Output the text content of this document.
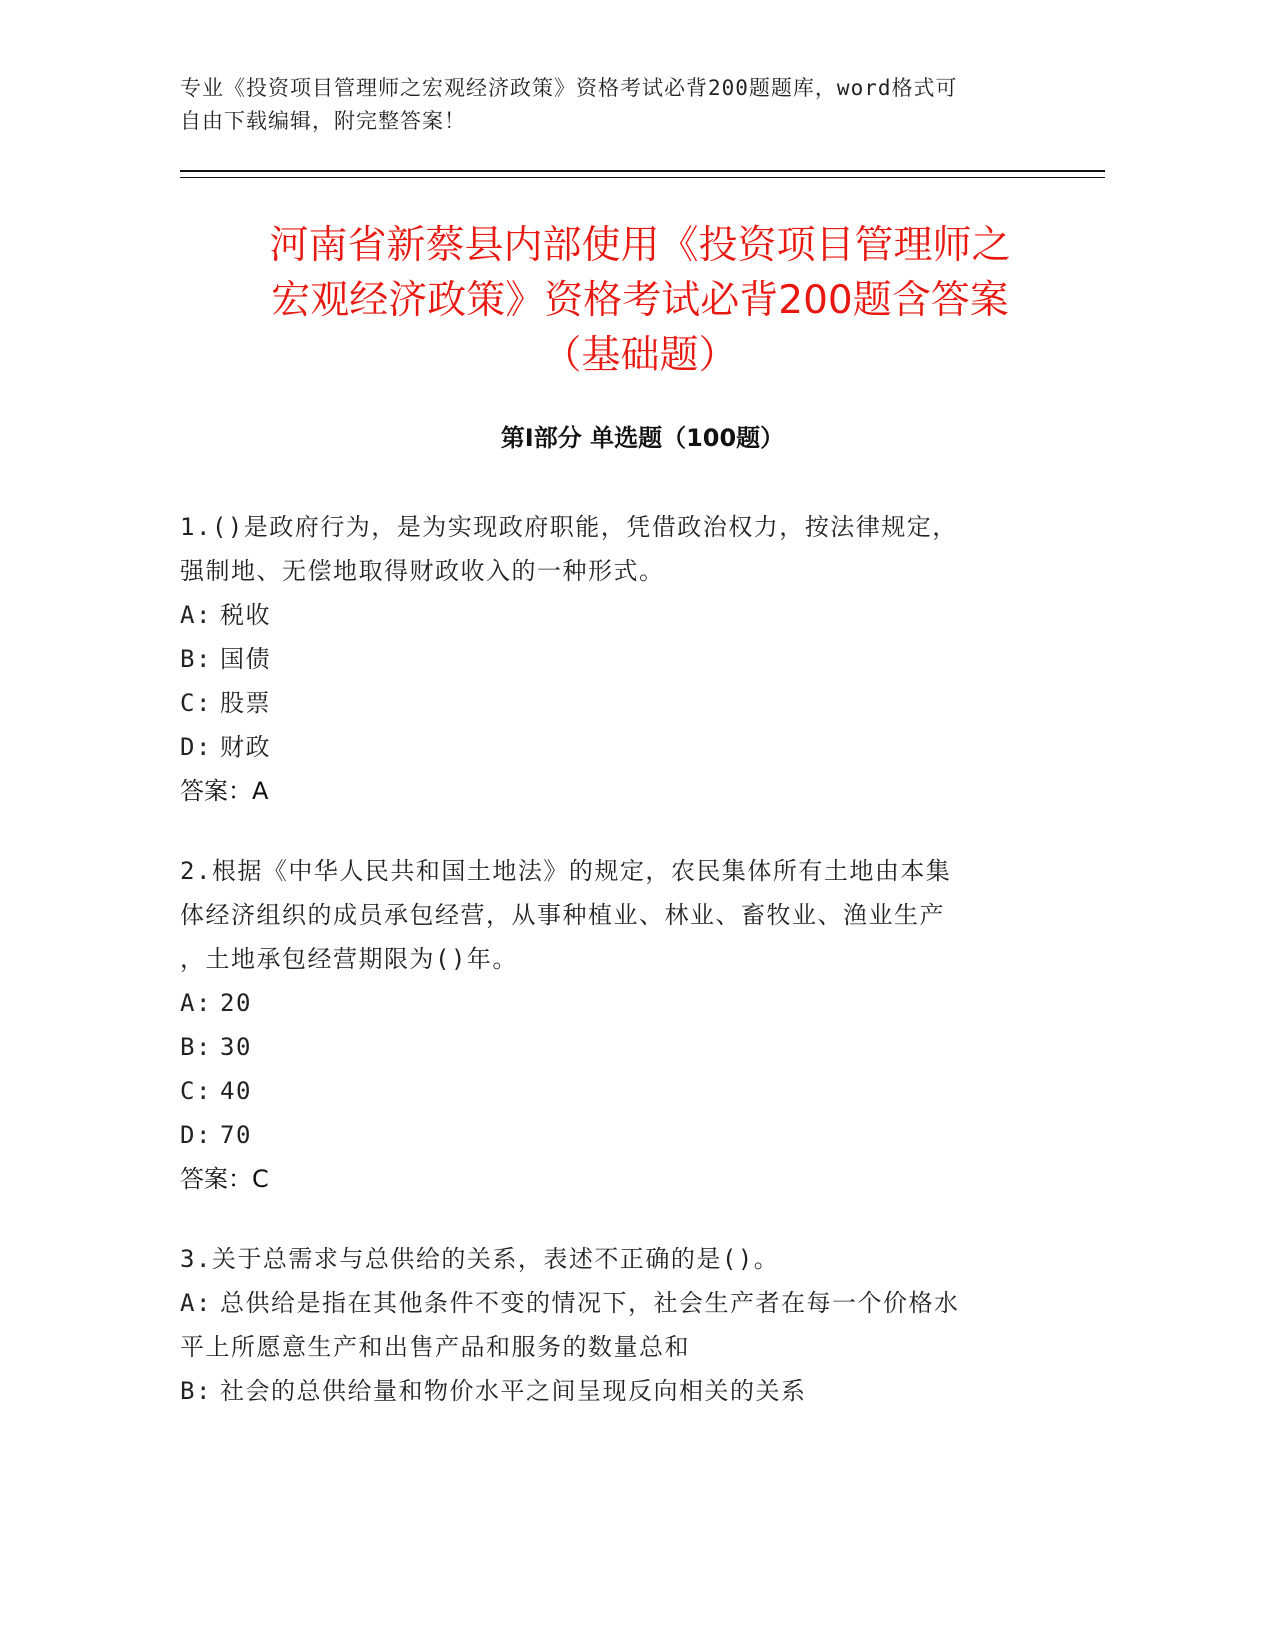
专业《投资项目管理师之宏观经济政策》资格考试必背200题题库，word格式可
自由下载编辑，附完整答案！
河南省新蔡县内部使用《投资项目管理师之
宏观经济政策》资格考试必背200题含答案
（基础题）
第Ⅰ部分 单选题（100题）
1.()是政府行为，是为实现政府职能，凭借政治权力，按法律规定，
强制地、无偿地取得财政收入的一种形式。
A: 税收
B: 国债
C: 股票
D: 财政
答案：A
2.根据《中华人民共和国土地法》的规定，农民集体所有土地由本集
体经济组织的成员承包经营，从事种植业、林业、畜牧业、渔业生产
，土地承包经营期限为()年。
A: 20
B: 30
C: 40
D: 70
答案：C
3.关于总需求与总供给的关系，表述不正确的是()。
A: 总供给是指在其他条件不变的情况下，社会生产者在每一个价格水
平上所愿意生产和出售产品和服务的数量总和
B: 社会的总供给量和物价水平之间呈现反向相关的关系
